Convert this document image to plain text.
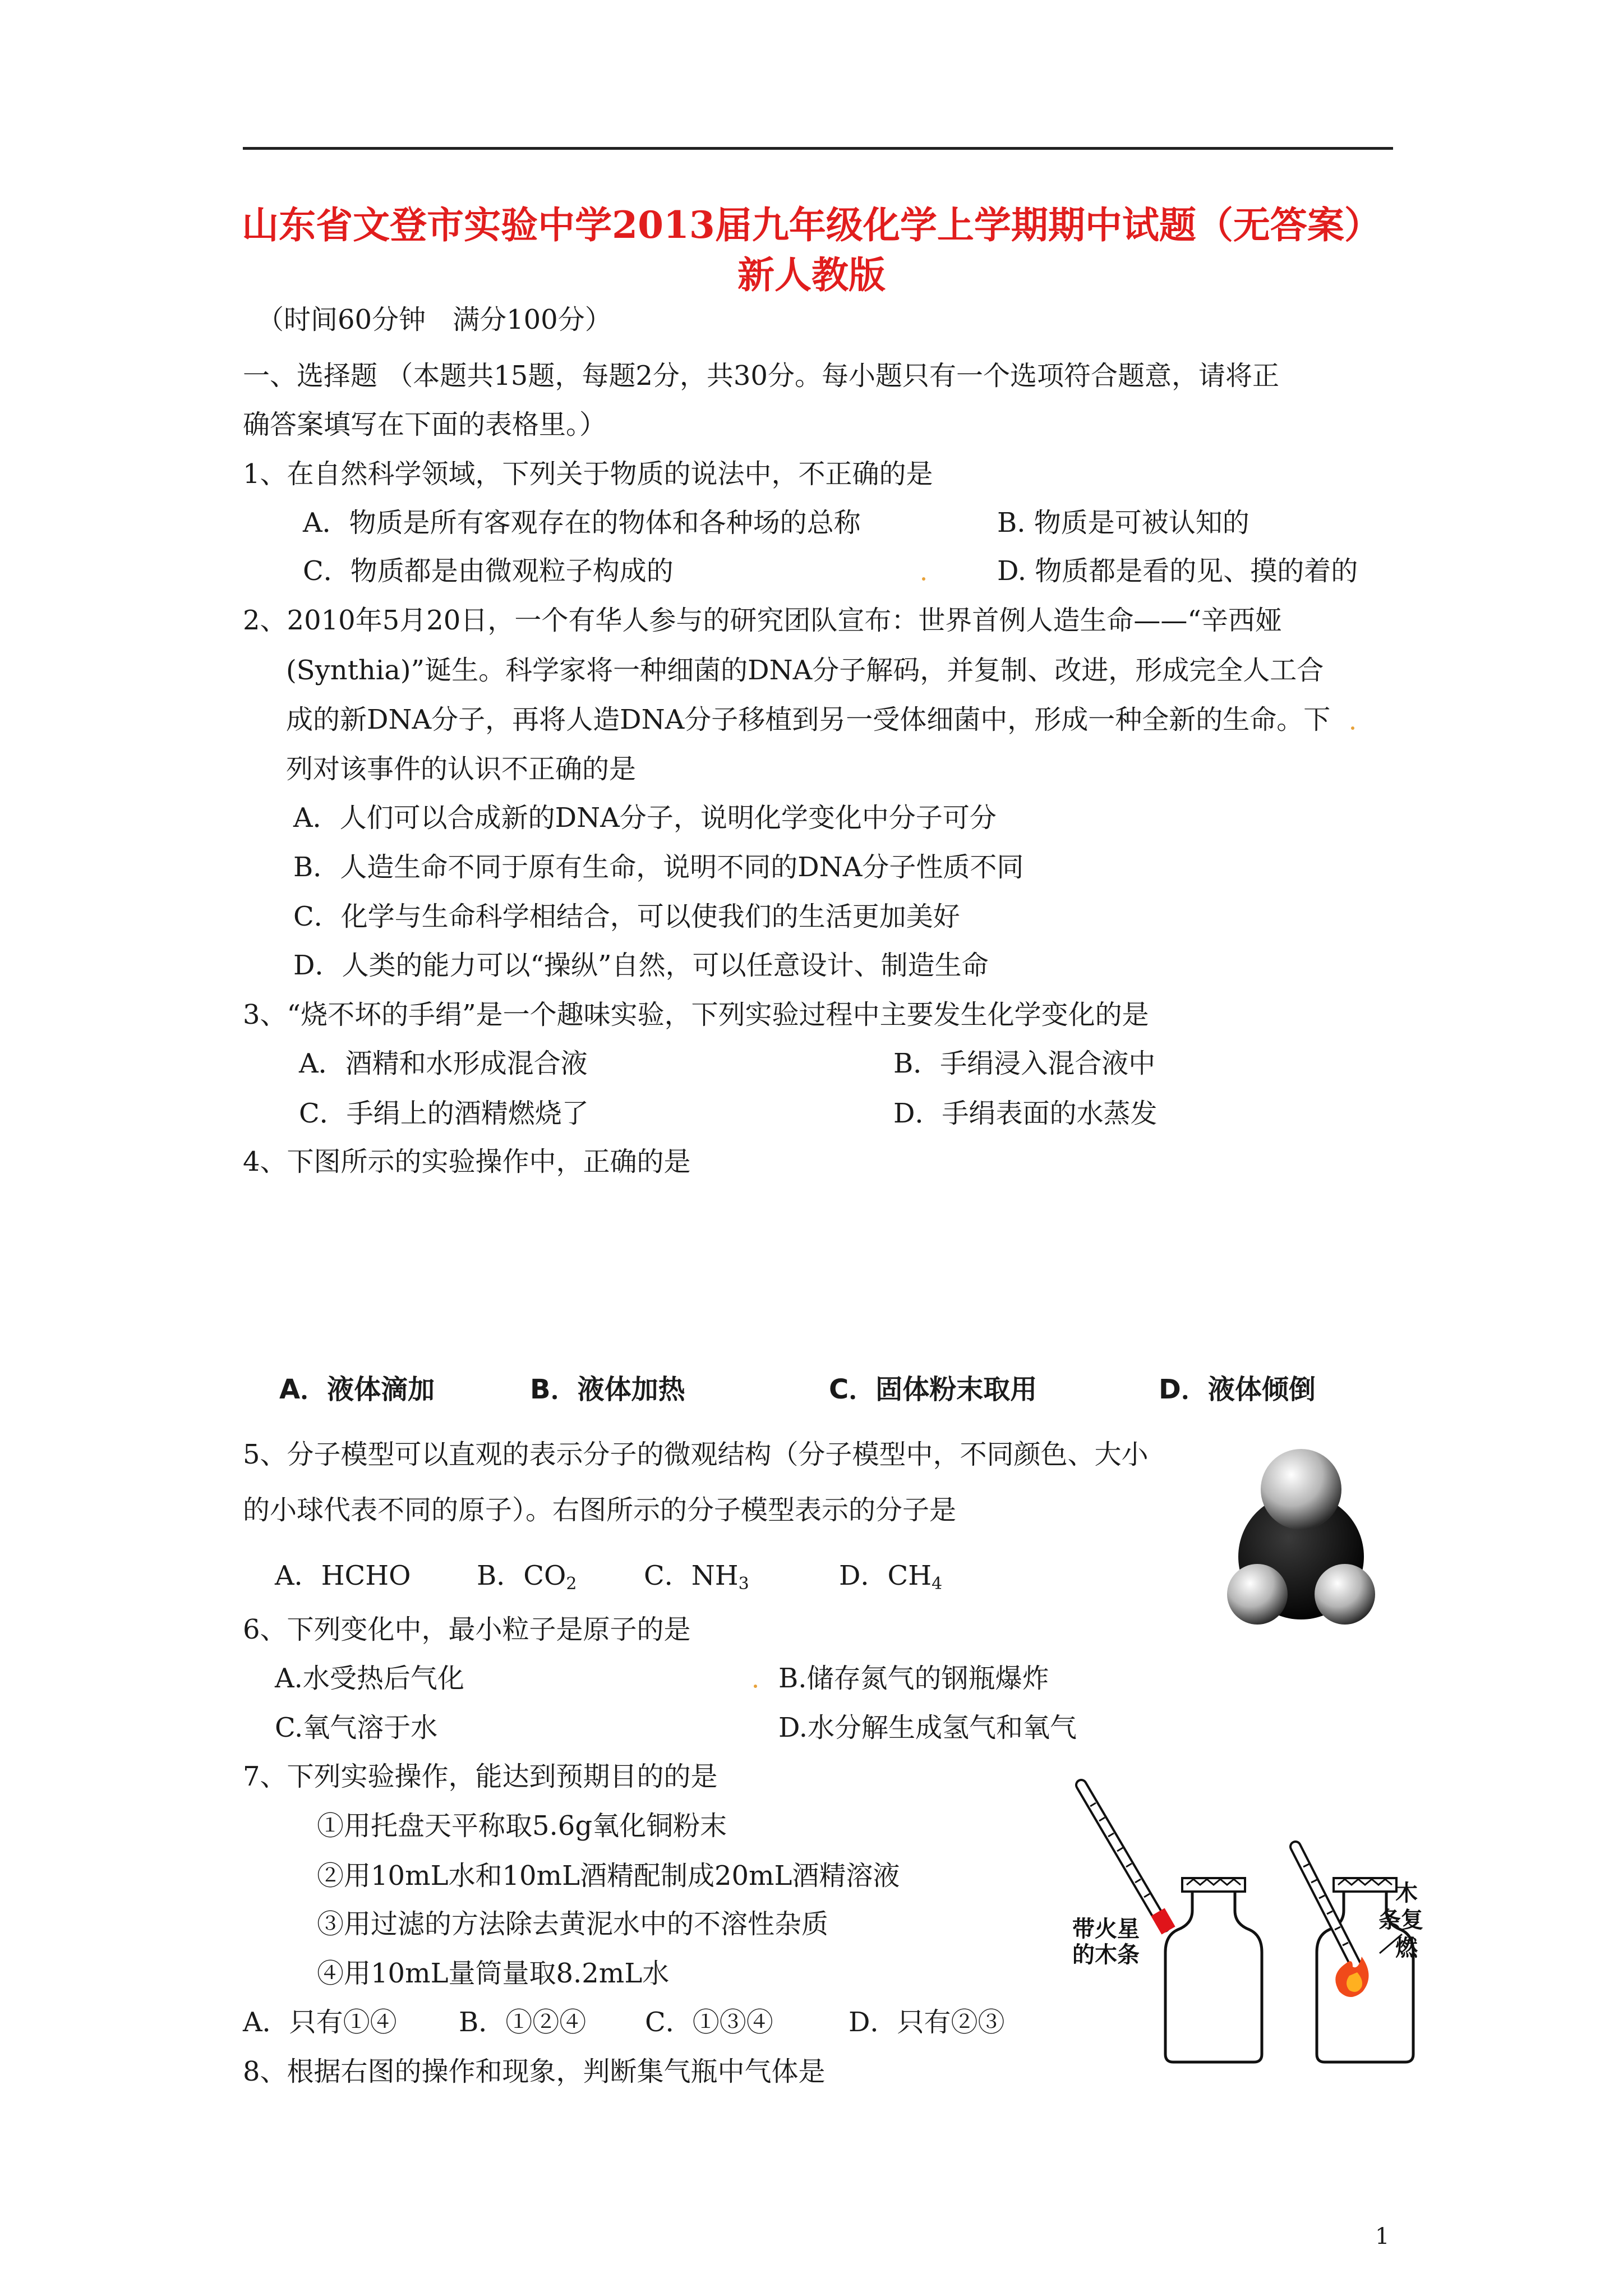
山东省文登市实验中学2013届九年级化学上学期期中试题（无答案）
新人教版
（时间60分钟　满分100分）
一、选择题 （本题共15题，每题2分，共30分。每小题只有一个选项符合题意，请将正
确答案填写在下面的表格里。）
1、在自然科学领域，下列关于物质的说法中，不正确的是
A．物质是所有客观存在的物体和各种场的总称	B. 物质是可被认知的
C．物质都是由微观粒子构成的	D. 物质都是看的见、摸的着的
2、2010年5月20日，一个有华人参与的研究团队宣布：世界首例人造生命——“辛西娅
(Synthia)”诞生。科学家将一种细菌的DNA分子解码，并复制、改进，形成完全人工合
成的新DNA分子，再将人造DNA分子移植到另一受体细菌中，形成一种全新的生命。下
列对该事件的认识不正确的是
A．人们可以合成新的DNA分子，说明化学变化中分子可分
B．人造生命不同于原有生命，说明不同的DNA分子性质不同
C．化学与生命科学相结合，可以使我们的生活更加美好
D．人类的能力可以“操纵”自然，可以任意设计、制造生命
3、“烧不坏的手绢”是一个趣味实验，下列实验过程中主要发生化学变化的是
A．酒精和水形成混合液	B．手绢浸入混合液中
C．手绢上的酒精燃烧了	D．手绢表面的水蒸发
4、下图所示的实验操作中，正确的是
A．液体滴加	B．液体加热	C．固体粉末取用	D．液体倾倒
5、分子模型可以直观的表示分子的微观结构（分子模型中，不同颜色、大小
的小球代表不同的原子）。右图所示的分子模型表示的分子是
A．HCHO B．$CO_2$ C．$NH_3$	D．$CH_4$
6、下列变化中，最小粒子是原子的是
A.水受热后气化	B.储存氮气的钢瓶爆炸
C.氧气溶于水	D.水分解生成氢气和氧气
7、下列实验操作，能达到预期目的的是
①用托盘天平称取5.6g氧化铜粉末
②用10mL水和10mL酒精配制成20mL酒精溶液
③用过滤的方法除去黄泥水中的不溶性杂质
④用10mL量筒量取8.2mL水
A．只有①④ B．①②④ C．①③④	D．只有②③
8、根据右图的操作和现象，判断集气瓶中气体是
带火星
的木条
木
条复
燃
1
